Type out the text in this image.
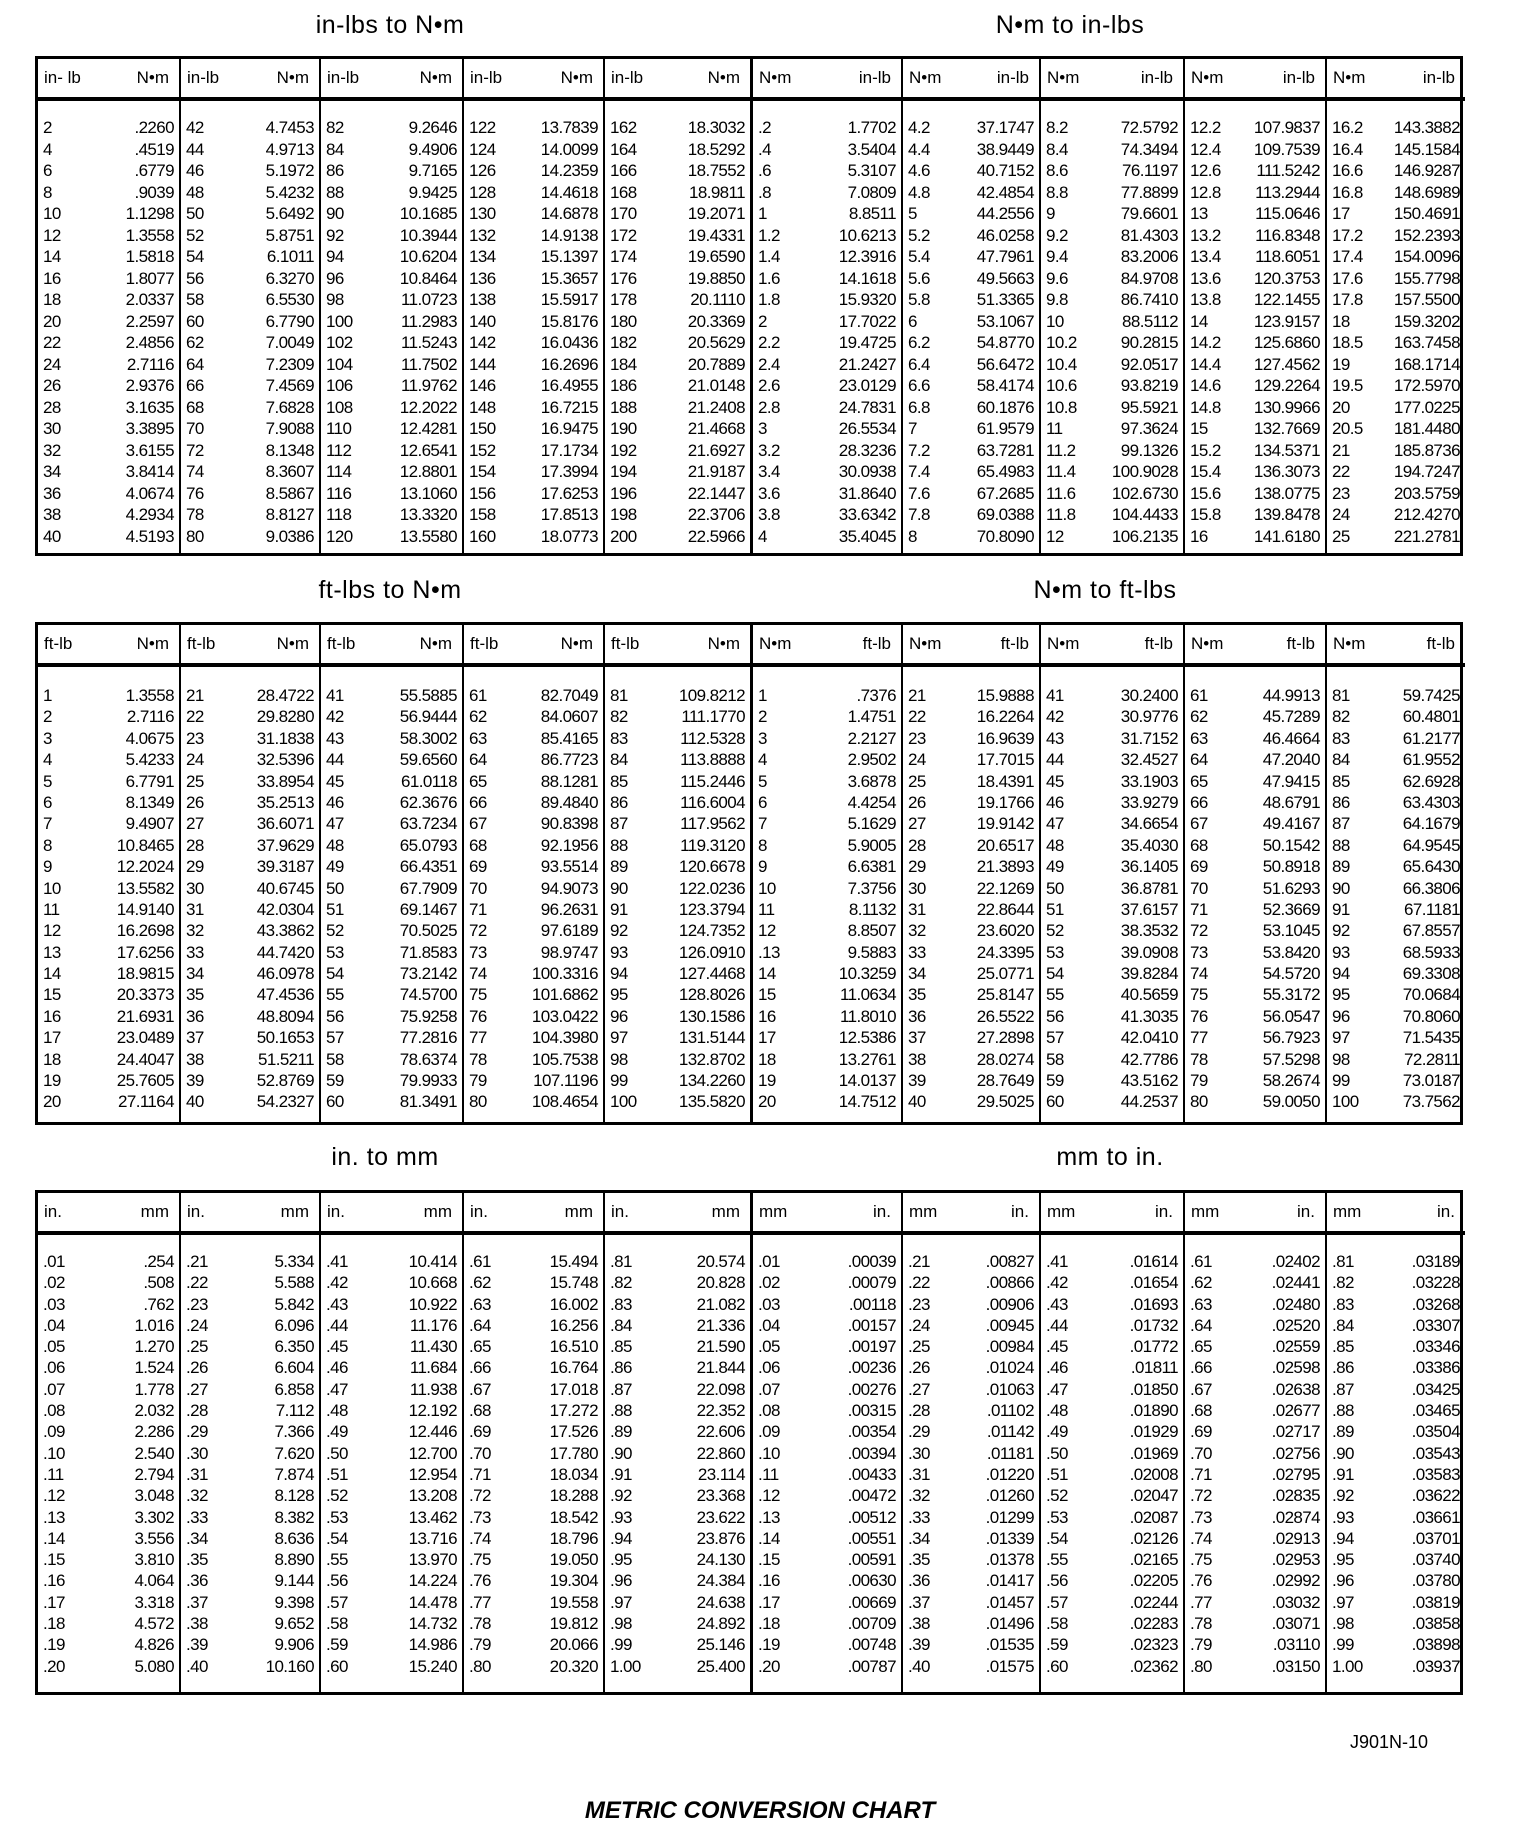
in-lbs to N•m	N•m to in-lbs
ft-lbs to N•m	N•m to ft-lbs
in. to mm	mm to in.
in- lb	N•m
2	.2260
4	.4519
6	.6779
8	.9039
10	1.1298
12	1.3558
14	1.5818
16	1.8077
18	2.0337
20	2.2597
22	2.4856
24	2.7116
26	2.9376
28	3.1635
30	3.3895
32	3.6155
34	3.8414
36	4.0674
38	4.2934
40	4.5193
in-lb	N•m
42	4.7453
44	4.9713
46	5.1972
48	5.4232
50	5.6492
52	5.8751
54	6.1011
56	6.3270
58	6.5530
60	6.7790
62	7.0049
64	7.2309
66	7.4569
68	7.6828
70	7.9088
72	8.1348
74	8.3607
76	8.5867
78	8.8127
80	9.0386
in-lb	N•m
82	9.2646
84	9.4906
86	9.7165
88	9.9425
90	10.1685
92	10.3944
94	10.6204
96	10.8464
98	11.0723
100	11.2983
102	11.5243
104	11.7502
106	11.9762
108	12.2022
110	12.4281
112	12.6541
114	12.8801
116	13.1060
118	13.3320
120	13.5580
in-lb	N•m
122	13.7839
124	14.0099
126	14.2359
128	14.4618
130	14.6878
132	14.9138
134	15.1397
136	15.3657
138	15.5917
140	15.8176
142	16.0436
144	16.2696
146	16.4955
148	16.7215
150	16.9475
152	17.1734
154	17.3994
156	17.6253
158	17.8513
160	18.0773
in-lb	N•m
162	18.3032
164	18.5292
166	18.7552
168	18.9811
170	19.2071
172	19.4331
174	19.6590
176	19.8850
178	20.1110
180	20.3369
182	20.5629
184	20.7889
186	21.0148
188	21.2408
190	21.4668
192	21.6927
194	21.9187
196	22.1447
198	22.3706
200	22.5966
N•m	in-lb
.2	1.7702
.4	3.5404
.6	5.3107
.8	7.0809
1	8.8511
1.2	10.6213
1.4	12.3916
1.6	14.1618
1.8	15.9320
2	17.7022
2.2	19.4725
2.4	21.2427
2.6	23.0129
2.8	24.7831
3	26.5534
3.2	28.3236
3.4	30.0938
3.6	31.8640
3.8	33.6342
4	35.4045
N•m	in-lb
4.2	37.1747
4.4	38.9449
4.6	40.7152
4.8	42.4854
5	44.2556
5.2	46.0258
5.4	47.7961
5.6	49.5663
5.8	51.3365
6	53.1067
6.2	54.8770
6.4	56.6472
6.6	58.4174
6.8	60.1876
7	61.9579
7.2	63.7281
7.4	65.4983
7.6	67.2685
7.8	69.0388
8	70.8090
N•m	in-lb
8.2	72.5792
8.4	74.3494
8.6	76.1197
8.8	77.8899
9	79.6601
9.2	81.4303
9.4	83.2006
9.6	84.9708
9.8	86.7410
10	88.5112
10.2	90.2815
10.4	92.0517
10.6	93.8219
10.8	95.5921
11	97.3624
11.2	99.1326
11.4 100.9028
11.6 102.6730
11.8 104.4433
12	106.2135
N•m	in-lb
12.2 107.9837
12.4 109.7539
12.6 111.5242
12.8 113.2944
13	115.0646
13.2 116.8348
13.4 118.6051
13.6 120.3753
13.8 122.1455
14	123.9157
14.2 125.6860
14.4 127.4562
14.6 129.2264
14.8 130.9966
15	132.7669
15.2 134.5371
15.4 136.3073
15.6 138.0775
15.8 139.8478
16	141.6180
N•m	in-lb
16.2 143.3882
16.4 145.1584
16.6 146.9287
16.8 148.6989
17	150.4691
17.2 152.2393
17.4 154.0096
17.6 155.7798
17.8 157.5500
18	159.3202
18.5 163.7458
19	168.1714
19.5 172.5970
20	177.0225
20.5 181.4480
21	185.8736
22	194.7247
23	203.5759
24	212.4270
25	221.2781
ft-lb	N•m
1	1.3558
2	2.7116
3	4.0675
4	5.4233
5	6.7791
6	8.1349
7	9.4907
8	10.8465
9	12.2024
10	13.5582
11	14.9140
12	16.2698
13	17.6256
14	18.9815
15	20.3373
16	21.6931
17	23.0489
18	24.4047
19	25.7605
20	27.1164
ft-lb	N•m
21	28.4722
22	29.8280
23	31.1838
24	32.5396
25	33.8954
26	35.2513
27	36.6071
28	37.9629
29	39.3187
30	40.6745
31	42.0304
32	43.3862
33	44.7420
34	46.0978
35	47.4536
36	48.8094
37	50.1653
38	51.5211
39	52.8769
40	54.2327
ft-lb	N•m
41	55.5885
42	56.9444
43	58.3002
44	59.6560
45	61.0118
46	62.3676
47	63.7234
48	65.0793
49	66.4351
50	67.7909
51	69.1467
52	70.5025
53	71.8583
54	73.2142
55	74.5700
56	75.9258
57	77.2816
58	78.6374
59	79.9933
60	81.3491
ft-lb	N•m
61	82.7049
62	84.0607
63	85.4165
64	86.7723
65	88.1281
66	89.4840
67	90.8398
68	92.1956
69	93.5514
70	94.9073
71	96.2631
72	97.6189
73	98.9747
74	100.3316
75	101.6862
76	103.0422
77	104.3980
78	105.7538
79	107.1196
80	108.4654
ft-lb	N•m
81	109.8212
82	111.1770
83	112.5328
84	113.8888
85	115.2446
86	116.6004
87	117.9562
88	119.3120
89	120.6678
90	122.0236
91	123.3794
92	124.7352
93	126.0910
94	127.4468
95	128.8026
96	130.1586
97	131.5144
98	132.8702
99	134.2260
100 135.5820
N•m	ft-lb
1	.7376
2	1.4751
3	2.2127
4	2.9502
5	3.6878
6	4.4254
7	5.1629
8	5.9005
9	6.6381
10	7.3756
11	8.1132
12	8.8507
.13	9.5883
14	10.3259
15	11.0634
16	11.8010
17	12.5386
18	13.2761
19	14.0137
20	14.7512
N•m	ft-lb
21	15.9888
22	16.2264
23	16.9639
24	17.7015
25	18.4391
26	19.1766
27	19.9142
28	20.6517
29	21.3893
30	22.1269
31	22.8644
32	23.6020
33	24.3395
34	25.0771
35	25.8147
36	26.5522
37	27.2898
38	28.0274
39	28.7649
40	29.5025
N•m	ft-lb
41	30.2400
42	30.9776
43	31.7152
44	32.4527
45	33.1903
46	33.9279
47	34.6654
48	35.4030
49	36.1405
50	36.8781
51	37.6157
52	38.3532
53	39.0908
54	39.8284
55	40.5659
56	41.3035
57	42.0410
58	42.7786
59	43.5162
60	44.2537
N•m	ft-lb
61	44.9913
62	45.7289
63	46.4664
64	47.2040
65	47.9415
66	48.6791
67	49.4167
68	50.1542
69	50.8918
70	51.6293
71	52.3669
72	53.1045
73	53.8420
74	54.5720
75	55.3172
76	56.0547
77	56.7923
78	57.5298
79	58.2674
80	59.0050
N•m	ft-lb
81	59.7425
82	60.4801
83	61.2177
84	61.9552
85	62.6928
86	63.4303
87	64.1679
88	64.9545
89	65.6430
90	66.3806
91	67.1181
92	67.8557
93	68.5933
94	69.3308
95	70.0684
96	70.8060
97	71.5435
98	72.2811
99	73.0187
100	73.7562
in.	mm
.01	.254
.02	.508
.03	.762
.04	1.016
.05	1.270
.06	1.524
.07	1.778
.08	2.032
.09	2.286
.10	2.540
.11	2.794
.12	3.048
.13	3.302
.14	3.556
.15	3.810
.16	4.064
.17	3.318
.18	4.572
.19	4.826
.20	5.080
in.	mm
.21	5.334
.22	5.588
.23	5.842
.24	6.096
.25	6.350
.26	6.604
.27	6.858
.28	7.112
.29	7.366
.30	7.620
.31	7.874
.32	8.128
.33	8.382
.34	8.636
.35	8.890
.36	9.144
.37	9.398
.38	9.652
.39	9.906
.40	10.160
in.	mm
.41	10.414
.42	10.668
.43	10.922
.44	11.176
.45	11.430
.46	11.684
.47	11.938
.48	12.192
.49	12.446
.50	12.700
.51	12.954
.52	13.208
.53	13.462
.54	13.716
.55	13.970
.56	14.224
.57	14.478
.58	14.732
.59	14.986
.60	15.240
in.	mm
.61	15.494
.62	15.748
.63	16.002
.64	16.256
.65	16.510
.66	16.764
.67	17.018
.68	17.272
.69	17.526
.70	17.780
.71	18.034
.72	18.288
.73	18.542
.74	18.796
.75	19.050
.76	19.304
.77	19.558
.78	19.812
.79	20.066
.80	20.320
in.	mm
.81	20.574
.82	20.828
.83	21.082
.84	21.336
.85	21.590
.86	21.844
.87	22.098
.88	22.352
.89	22.606
.90	22.860
.91	23.114
.92	23.368
.93	23.622
.94	23.876
.95	24.130
.96	24.384
.97	24.638
.98	24.892
.99	25.146
1.00	25.400
mm	in.
.01	.00039
.02	.00079
.03	.00118
.04	.00157
.05	.00197
.06	.00236
.07	.00276
.08	.00315
.09	.00354
.10	.00394
.11	.00433
.12	.00472
.13	.00512
.14	.00551
.15	.00591
.16	.00630
.17	.00669
.18	.00709
.19	.00748
.20	.00787
mm	in.
.21	.00827
.22	.00866
.23	.00906
.24	.00945
.25	.00984
.26	.01024
.27	.01063
.28	.01102
.29	.01142
.30	.01181
.31	.01220
.32	.01260
.33	.01299
.34	.01339
.35	.01378
.36	.01417
.37	.01457
.38	.01496
.39	.01535
.40	.01575
mm	in.
.41	.01614
.42	.01654
.43	.01693
.44	.01732
.45	.01772
.46	.01811
.47	.01850
.48	.01890
.49	.01929
.50	.01969
.51	.02008
.52	.02047
.53	.02087
.54	.02126
.55	.02165
.56	.02205
.57	.02244
.58	.02283
.59	.02323
.60	.02362
mm	in.
.61	.02402
.62	.02441
.63	.02480
.64	.02520
.65	.02559
.66	.02598
.67	.02638
.68	.02677
.69	.02717
.70	.02756
.71	.02795
.72	.02835
.73	.02874
.74	.02913
.75	.02953
.76	.02992
.77	.03032
.78	.03071
.79	.03110
.80	.03150
mm	in.
.81	.03189
.82	.03228
.83	.03268
.84	.03307
.85	.03346
.86	.03386
.87	.03425
.88	.03465
.89	.03504
.90	.03543
.91	.03583
.92	.03622
.93	.03661
.94	.03701
.95	.03740
.96	.03780
.97	.03819
.98	.03858
.99	.03898
1.00	.03937
J901N-10
METRIC CONVERSION CHART
